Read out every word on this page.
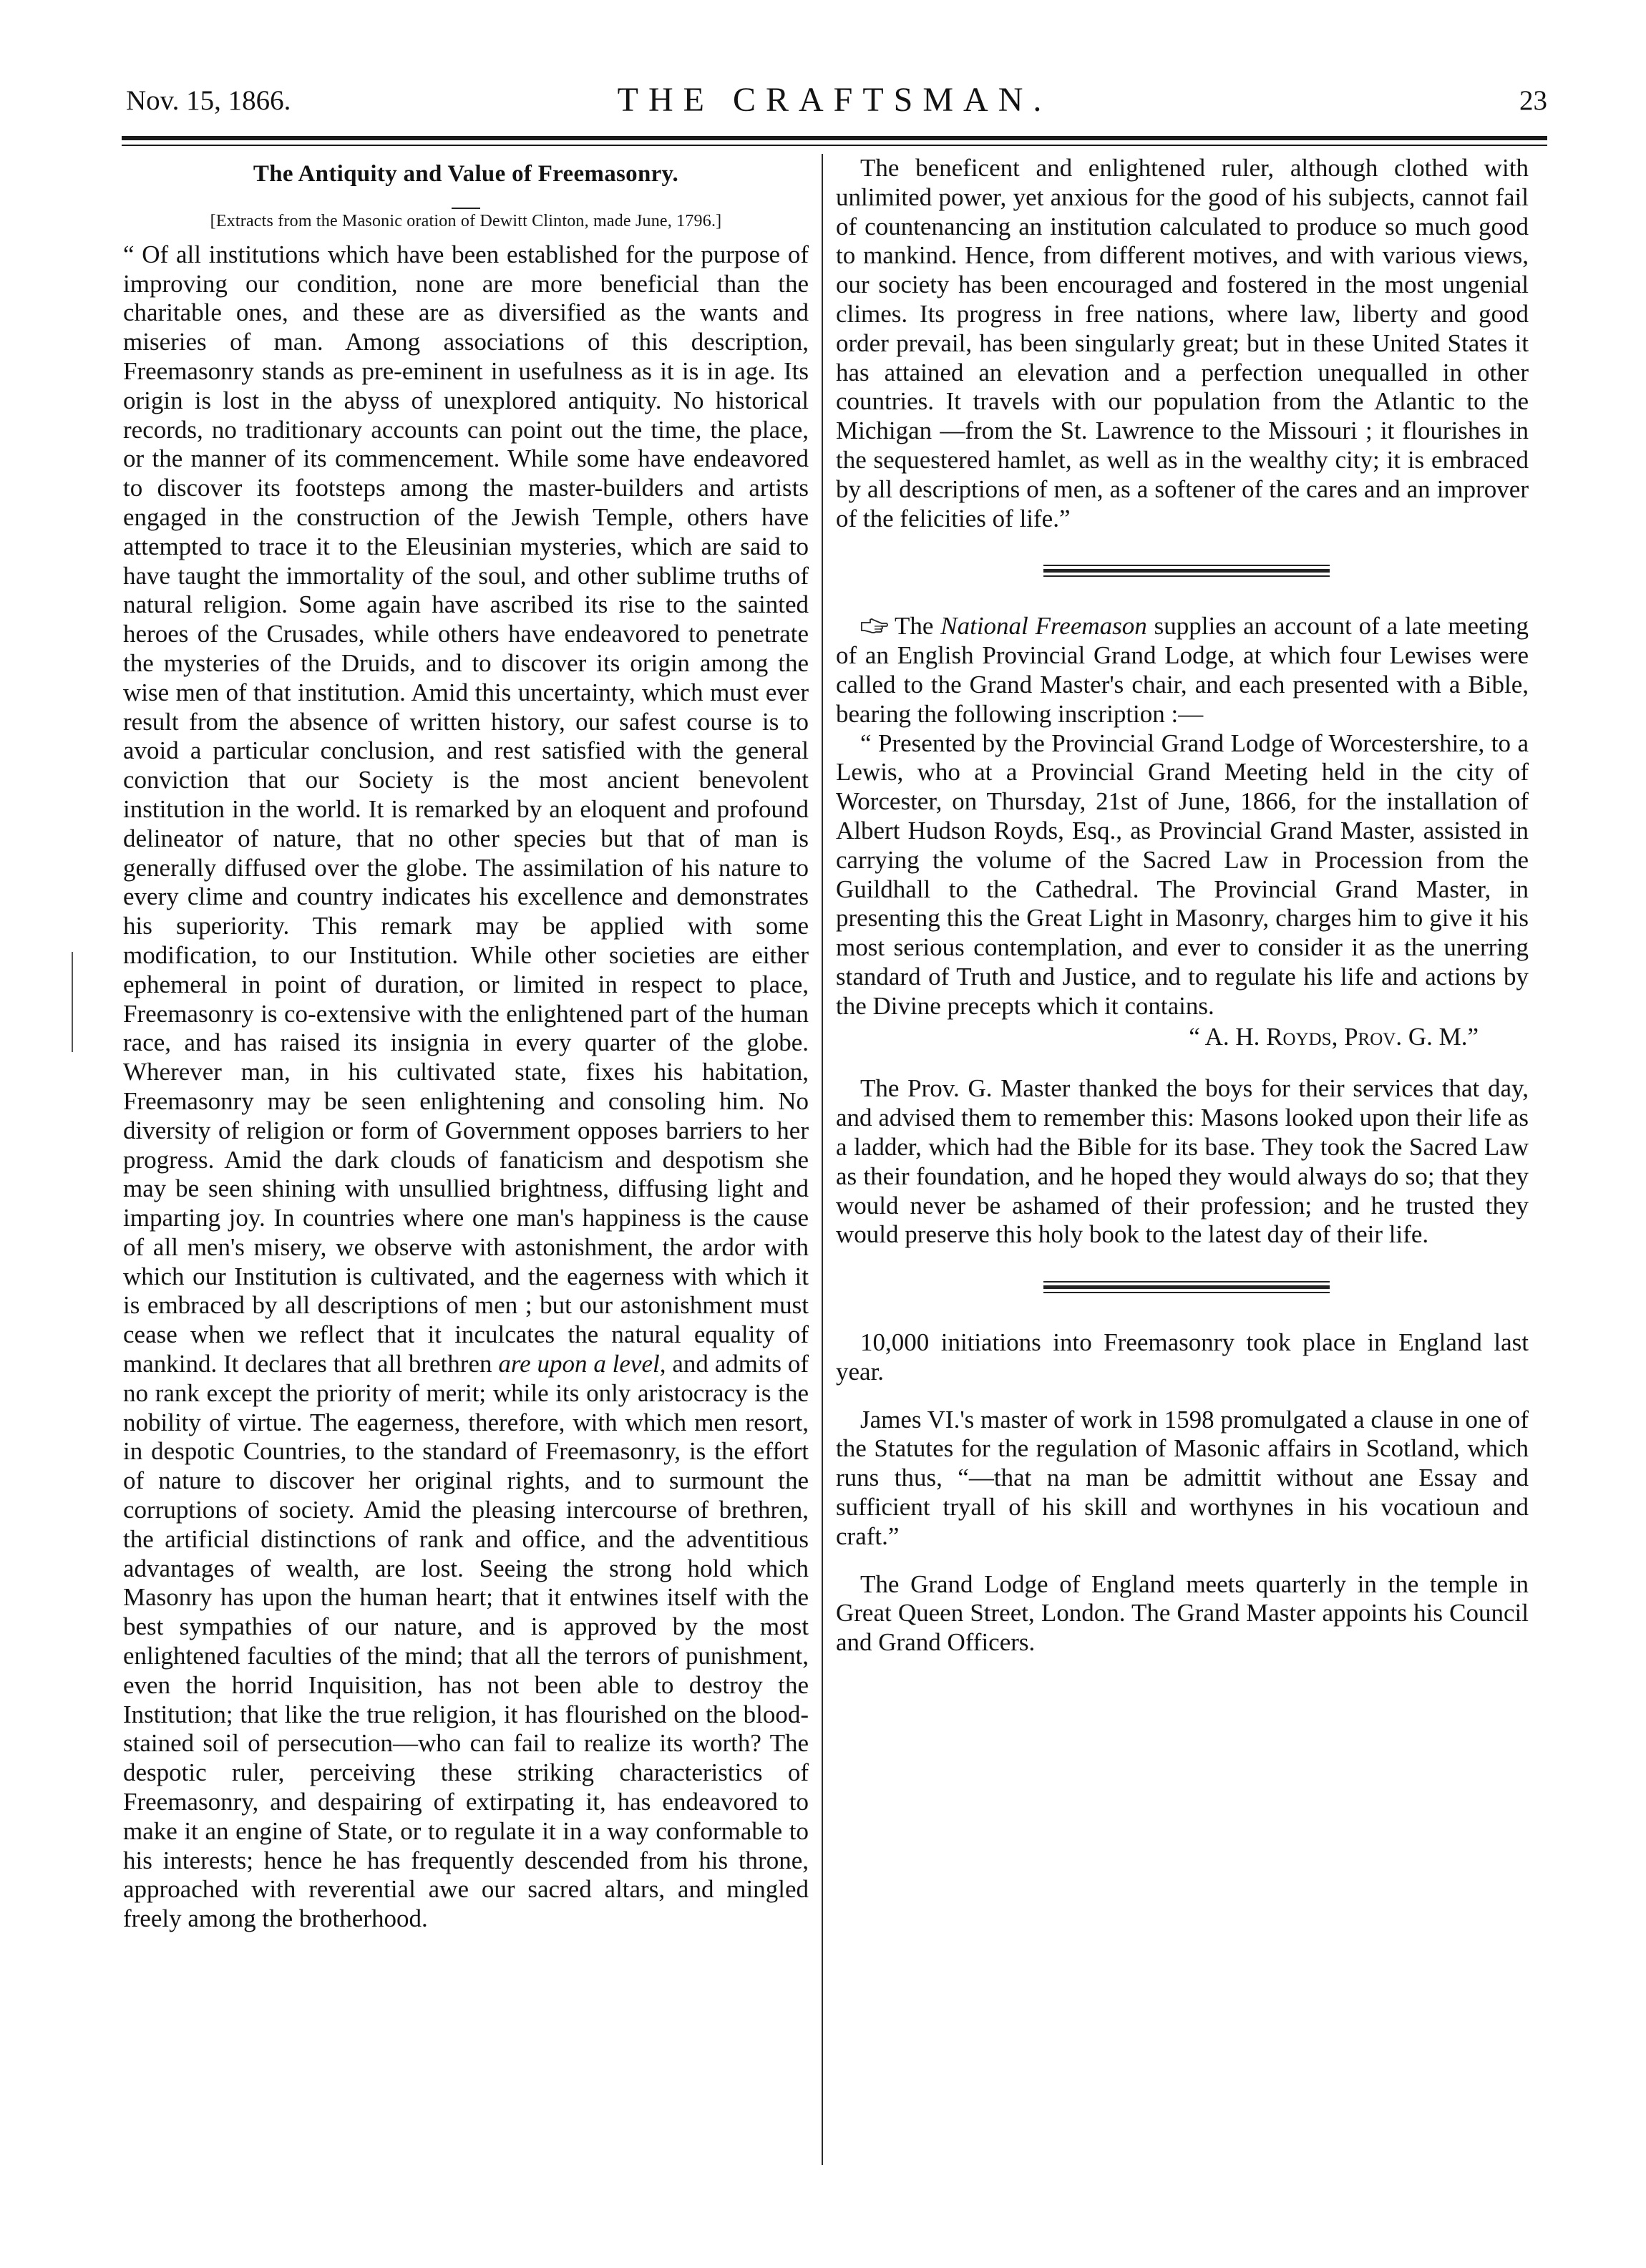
Nov. 15, 1866.	THE CRAFTSMAN.	23
The Antiquity and Value of Freemasonry.
[Extracts from the Masonic oration of Dewitt Clinton, made June, 1796.]

“ Of all institutions which have been established for the purpose of improving our condition, none are more beneficial than the charitable ones, and these are as diversified as the wants and miseries of man. Among associations of this description, Freemasonry stands as pre-eminent in usefulness as it is in age. Its origin is lost in the abyss of unexplored antiquity. No historical records, no traditionary accounts can point out the time, the place, or the manner of its commencement. While some have endeavored to discover its footsteps among the master-builders and artists engaged in the construction of the Jewish Temple, others have attempted to trace it to the Eleusinian mysteries, which are said to have taught the immortality of the soul, and other sublime truths of natural religion. Some again have ascribed its rise to the sainted heroes of the Crusades, while others have endeavored to penetrate the mysteries of the Druids, and to discover its origin among the wise men of that institution. Amid this uncertainty, which must ever result from the absence of written history, our safest course is to avoid a particular conclusion, and rest satisfied with the general conviction that our Society is the most ancient benevolent institution in the world. It is remarked by an eloquent and profound delineator of nature, that no other species but that of man is generally diffused over the globe. The assimilation of his nature to every clime and country indicates his excellence and demonstrates his superiority. This remark may be applied with some modification, to our Institution. While other societies are either ephemeral in point of duration, or limited in respect to place, Freemasonry is co-extensive with the enlightened part of the human race, and has raised its insignia in every quarter of the globe. Wherever man, in his cultivated state, fixes his habitation, Freemasonry may be seen enlightening and consoling him. No diversity of religion or form of Government opposes barriers to her progress. Amid the dark clouds of fanaticism and despotism she may be seen shining with unsullied brightness, diffusing light and imparting joy. In countries where one man's happiness is the cause of all men's misery, we observe with astonishment, the ardor with which our Institution is cultivated, and the eagerness with which it is embraced by all descriptions of men ; but our astonishment must cease when we reflect that it inculcates the natural equality of mankind. It declares that all brethren are upon a level, and admits of no rank except the priority of merit; while its only aristocracy is the nobility of virtue. The eagerness, therefore, with which men resort, in despotic Countries, to the standard of Freemasonry, is the effort of nature to discover her original rights, and to surmount the corruptions of society. Amid the pleasing intercourse of brethren, the artificial distinctions of rank and office, and the adventitious advantages of wealth, are lost. Seeing the strong hold which Masonry has upon the human heart; that it entwines itself with the best sympathies of our nature, and is approved by the most enlightened faculties of the mind; that all the terrors of punishment, even the horrid Inquisition, has not been able to destroy the Institution; that like the true religion, it has flourished on the blood-stained soil of persecution—who can fail to realize its worth? The despotic ruler, perceiving these striking characteristics of Freemasonry, and despairing of extirpating it, has endeavored to make it an engine of State, or to regulate it in a way conformable to his interests; hence he has frequently descended from his throne, approached with reverential awe our sacred altars, and mingled freely among the brotherhood.

The beneficent and enlightened ruler, although clothed with unlimited power, yet anxious for the good of his subjects, cannot fail of countenancing an institution calculated to produce so much good to mankind. Hence, from different motives, and with various views, our society has been encouraged and fostered in the most ungenial climes. Its progress in free nations, where law, liberty and good order prevail, has been singularly great; but in these United States it has attained an elevation and a perfection unequalled in other countries. It travels with our population from the Atlantic to the Michigan —from the St. Lawrence to the Missouri ; it flourishes in the sequestered hamlet, as well as in the wealthy city; it is embraced by all descriptions of men, as a softener of the cares and an improver of the felicities of life.”

The National Freemason supplies an account of a late meeting of an English Provincial Grand Lodge, at which four Lewises were called to the Grand Master's chair, and each presented with a Bible, bearing the following inscription :—

“ Presented by the Provincial Grand Lodge of Worcestershire, to a Lewis, who at a Provincial Grand Meeting held in the city of Worcester, on Thursday, 21st of June, 1866, for the installation of Albert Hudson Royds, Esq., as Provincial Grand Master, assisted in carrying the volume of the Sacred Law in Procession from the Guildhall to the Cathedral. The Provincial Grand Master, in presenting this the Great Light in Masonry, charges him to give it his most serious contemplation, and ever to consider it as the unerring standard of Truth and Justice, and to regulate his life and actions by the Divine precepts which it contains.

“ A. H. Royds, Prov. G. M.”

The Prov. G. Master thanked the boys for their services that day, and advised them to remember this: Masons looked upon their life as a ladder, which had the Bible for its base. They took the Sacred Law as their foundation, and he hoped they would always do so; that they would never be ashamed of their profession; and he trusted they would preserve this holy book to the latest day of their life.

10,000 initiations into Freemasonry took place in England last year.

James VI.'s master of work in 1598 promulgated a clause in one of the Statutes for the regulation of Masonic affairs in Scotland, which runs thus, “—that na man be admittit without ane Essay and sufficient tryall of his skill and worthynes in his vocatioun and craft.”

The Grand Lodge of England meets quarterly in the temple in Great Queen Street, London. The Grand Master appoints his Council and Grand Officers.
